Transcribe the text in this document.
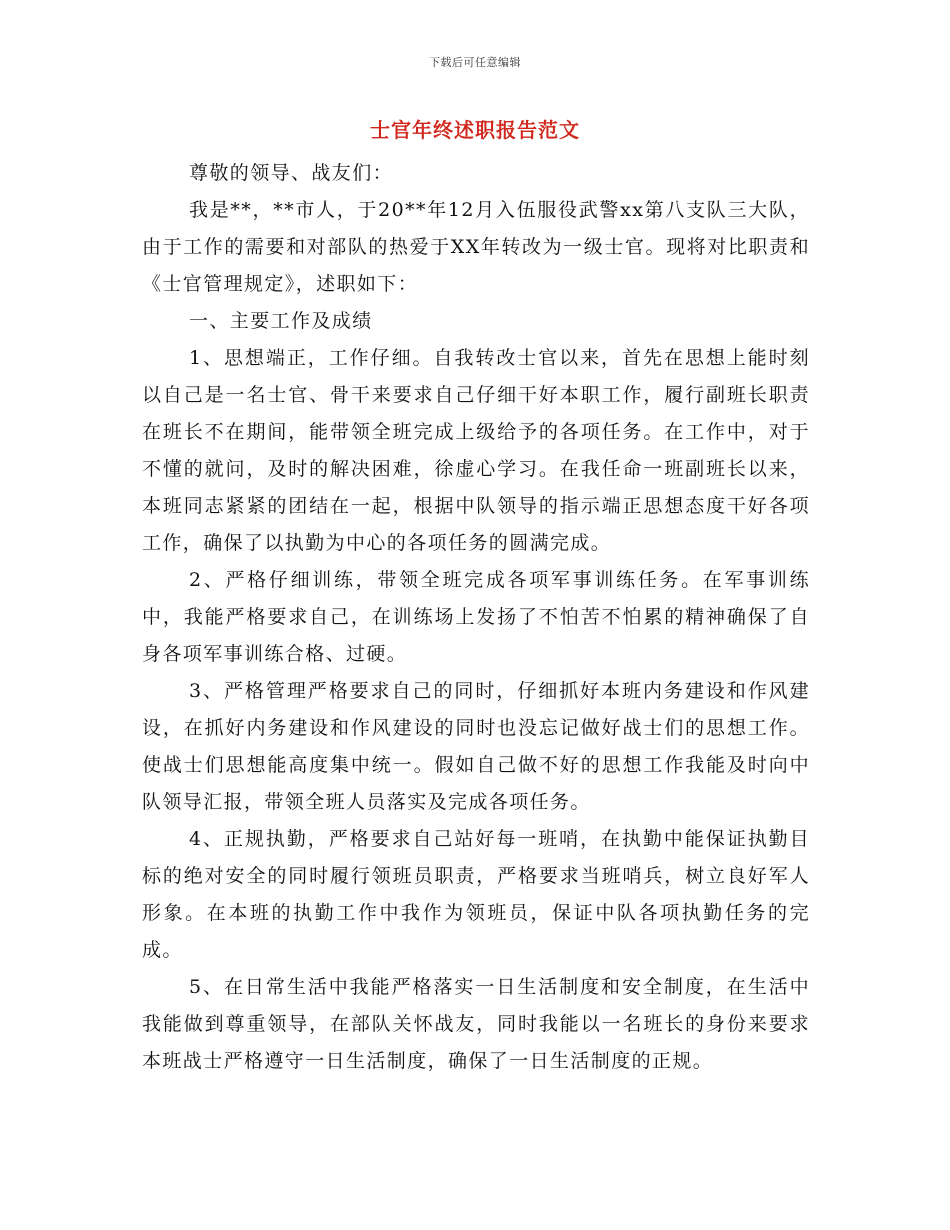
下载后可任意编辑
士官年终述职报告范文

尊敬的领导、战友们：

我是**，**市人，于20**年12月入伍服役武警xx第八支队三大队，由于工作的需要和对部队的热爱于XX年转改为一级士官。现将对比职责和《士官管理规定》，述职如下：

一、主要工作及成绩

1、思想端正，工作仔细。自我转改士官以来，首先在思想上能时刻以自己是一名士官、骨干来要求自己仔细干好本职工作，履行副班长职责在班长不在期间，能带领全班完成上级给予的各项任务。在工作中，对于不懂的就问，及时的解决困难，徐虚心学习。在我任命一班副班长以来，本班同志紧紧的团结在一起，根据中队领导的指示端正思想态度干好各项工作，确保了以执勤为中心的各项任务的圆满完成。

2、严格仔细训练，带领全班完成各项军事训练任务。在军事训练中，我能严格要求自己，在训练场上发扬了不怕苦不怕累的精神确保了自身各项军事训练合格、过硬。

3、严格管理严格要求自己的同时，仔细抓好本班内务建设和作风建设，在抓好内务建设和作风建设的同时也没忘记做好战士们的思想工作。使战士们思想能高度集中统一。假如自己做不好的思想工作我能及时向中队领导汇报，带领全班人员落实及完成各项任务。

4、正规执勤，严格要求自己站好每一班哨，在执勤中能保证执勤目标的绝对安全的同时履行领班员职责，严格要求当班哨兵，树立良好军人形象。在本班的执勤工作中我作为领班员，保证中队各项执勤任务的完成。

5、在日常生活中我能严格落实一日生活制度和安全制度，在生活中我能做到尊重领导，在部队关怀战友，同时我能以一名班长的身份来要求本班战士严格遵守一日生活制度，确保了一日生活制度的正规。
